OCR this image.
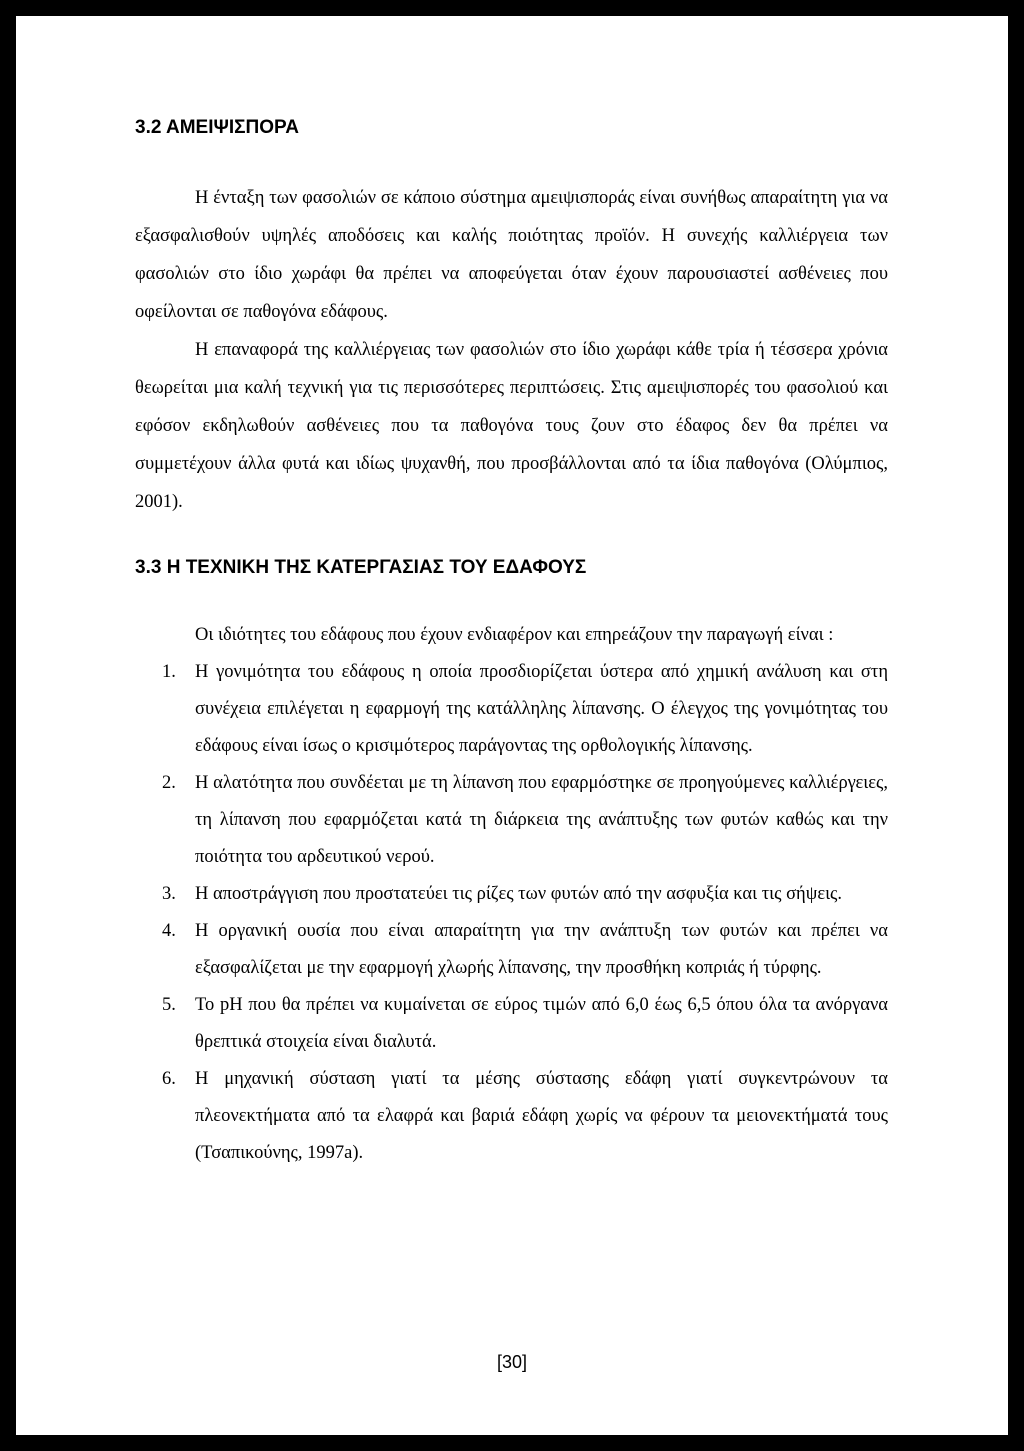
3.2 ΑΜΕΙΨΙΣΠΟΡΑ

Η ένταξη των φασολιών σε κάποιο σύστημα αμειψισποράς είναι συνήθως απαραίτητη για να εξασφαλισθούν υψηλές αποδόσεις και καλής ποιότητας προϊόν. Η συνεχής καλλιέργεια των φασολιών στο ίδιο χωράφι θα πρέπει να αποφεύγεται όταν έχουν παρουσιαστεί ασθένειες που οφείλονται σε παθογόνα εδάφους.

Η επαναφορά της καλλιέργειας των φασολιών στο ίδιο χωράφι κάθε τρία ή τέσσερα χρόνια θεωρείται μια καλή τεχνική για τις περισσότερες περιπτώσεις. Στις αμειψισπορές του φασολιού και εφόσον εκδηλωθούν ασθένειες που τα παθογόνα τους ζουν στο έδαφος δεν θα πρέπει να συμμετέχουν άλλα φυτά και ιδίως ψυχανθή, που προσβάλλονται από τα ίδια παθογόνα (Ολύμπιος, 2001).

3.3 Η ΤΕΧΝΙΚΗ ΤΗΣ ΚΑΤΕΡΓΑΣΙΑΣ ΤΟΥ ΕΔΑΦΟΥΣ

Οι ιδιότητες του εδάφους που έχουν ενδιαφέρον και επηρεάζουν την παραγωγή είναι :

1. Η γονιμότητα του εδάφους η οποία προσδιορίζεται ύστερα από χημική ανάλυση και στη συνέχεια επιλέγεται η εφαρμογή της κατάλληλης λίπανσης. Ο έλεγχος της γονιμότητας του εδάφους είναι ίσως ο κρισιμότερος παράγοντας της ορθολογικής λίπανσης.
2. Η αλατότητα που συνδέεται με τη λίπανση που εφαρμόστηκε σε προηγούμενες καλλιέργειες, τη λίπανση που εφαρμόζεται κατά τη διάρκεια της ανάπτυξης των φυτών καθώς και την ποιότητα του αρδευτικού νερού.
3. Η αποστράγγιση που προστατεύει τις ρίζες των φυτών από την ασφυξία και τις σήψεις.
4. Η οργανική ουσία που είναι απαραίτητη για την ανάπτυξη των φυτών και πρέπει να εξασφαλίζεται με την εφαρμογή χλωρής λίπανσης, την προσθήκη κοπριάς ή τύρφης.
5. Το pH που θα πρέπει να κυμαίνεται σε εύρος τιμών από 6,0 έως 6,5 όπου όλα τα ανόργανα θρεπτικά στοιχεία είναι διαλυτά.
6. Η μηχανική σύσταση γιατί τα μέσης σύστασης εδάφη γιατί συγκεντρώνουν τα πλεονεκτήματα από τα ελαφρά και βαριά εδάφη χωρίς να φέρουν τα μειονεκτήματά τους (Τσαπικούνης, 1997a).
[30]
